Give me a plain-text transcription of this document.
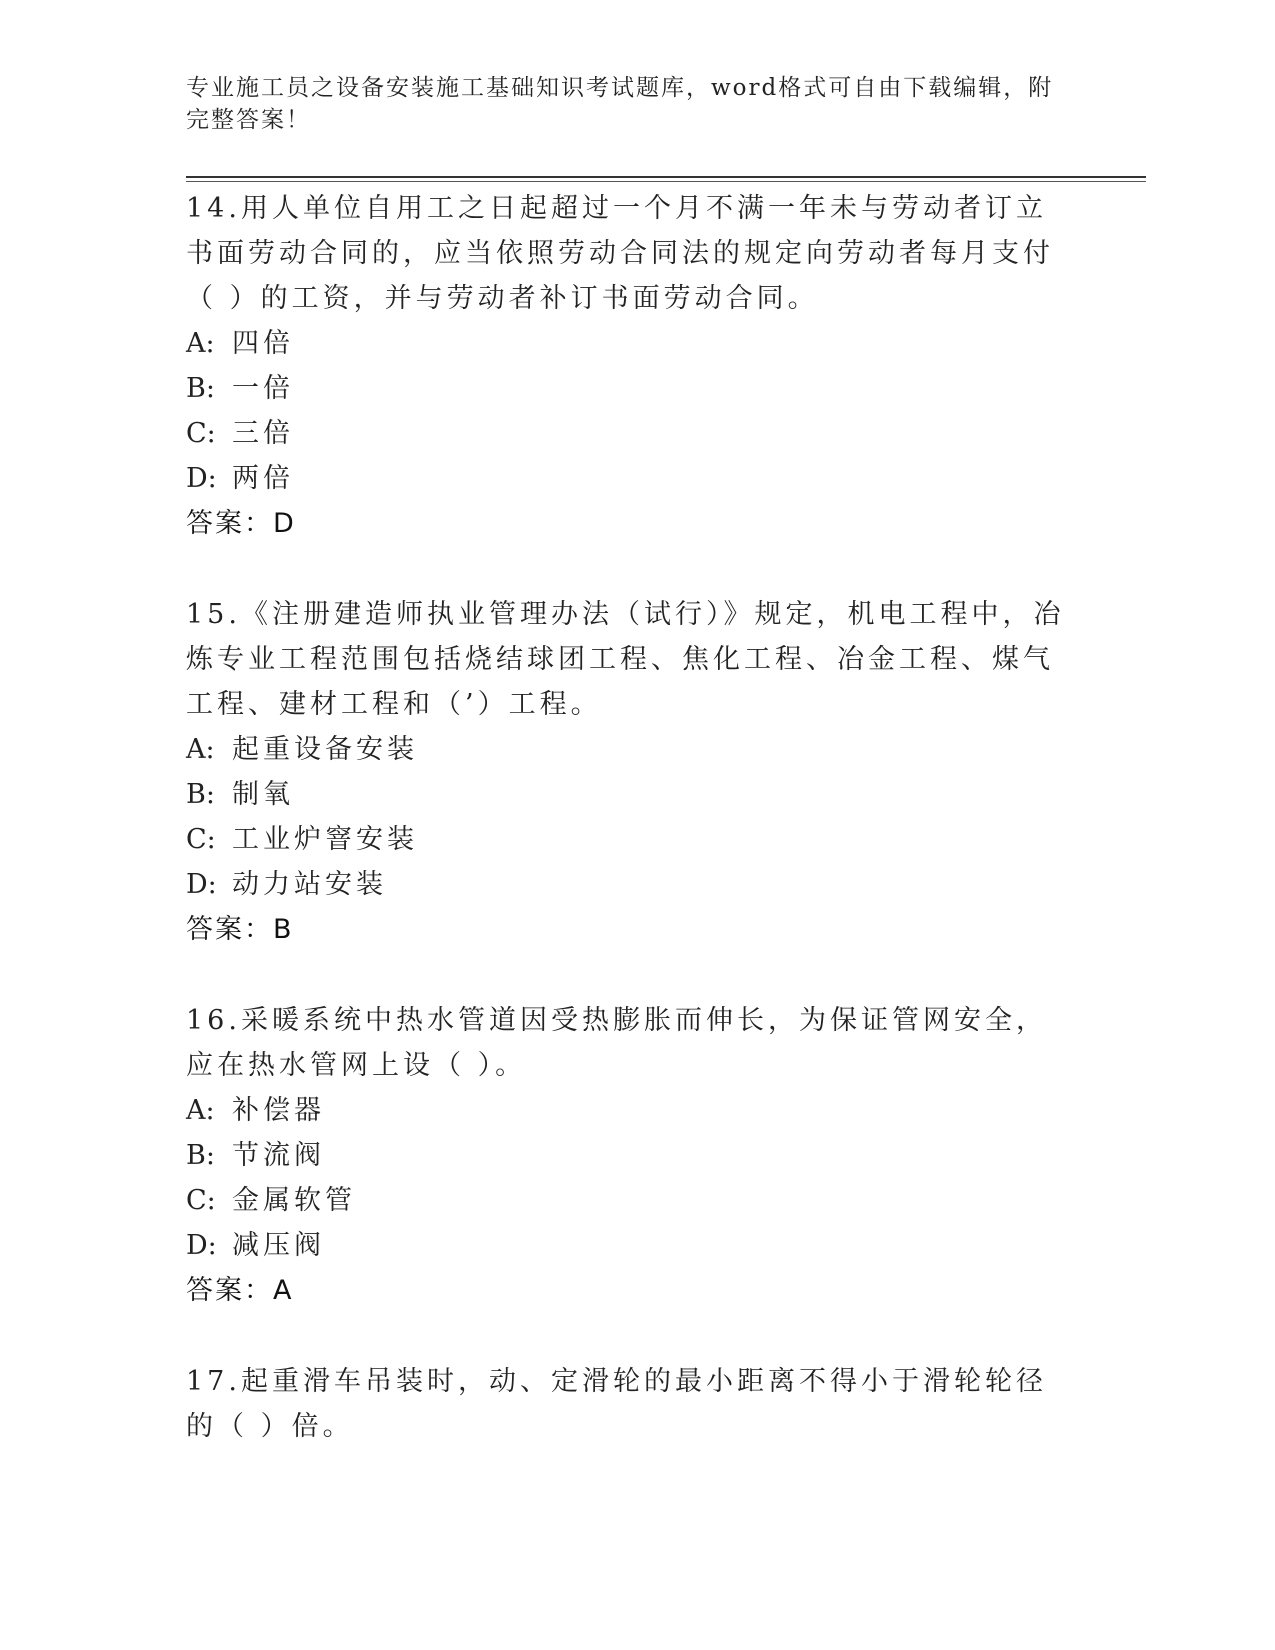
专业施工员之设备安装施工基础知识考试题库，word格式可自由下载编辑，附完整答案！

14.用人单位自用工之日起超过一个月不满一年未与劳动者订立书面劳动合同的，应当依照劳动合同法的规定向劳动者每月支付（ ）的工资，并与劳动者补订书面劳动合同。

A: 四倍

B: 一倍

C: 三倍

D: 两倍

答案：D

15.《注册建造师执业管理办法（试行）》规定，机电工程中，冶炼专业工程范围包括烧结球团工程、焦化工程、冶金工程、煤气工程、建材工程和（’）工程。

A: 起重设备安装

B: 制氧

C: 工业炉窨安装

D: 动力站安装

答案：B

16.采暖系统中热水管道因受热膨胀而伸长，为保证管网安全，应在热水管网上设（ ）。

A: 补偿器

B: 节流阀

C: 金属软管

D: 减压阀

答案：A

17.起重滑车吊装时，动、定滑轮的最小距离不得小于滑轮轮径的（ ）倍。
